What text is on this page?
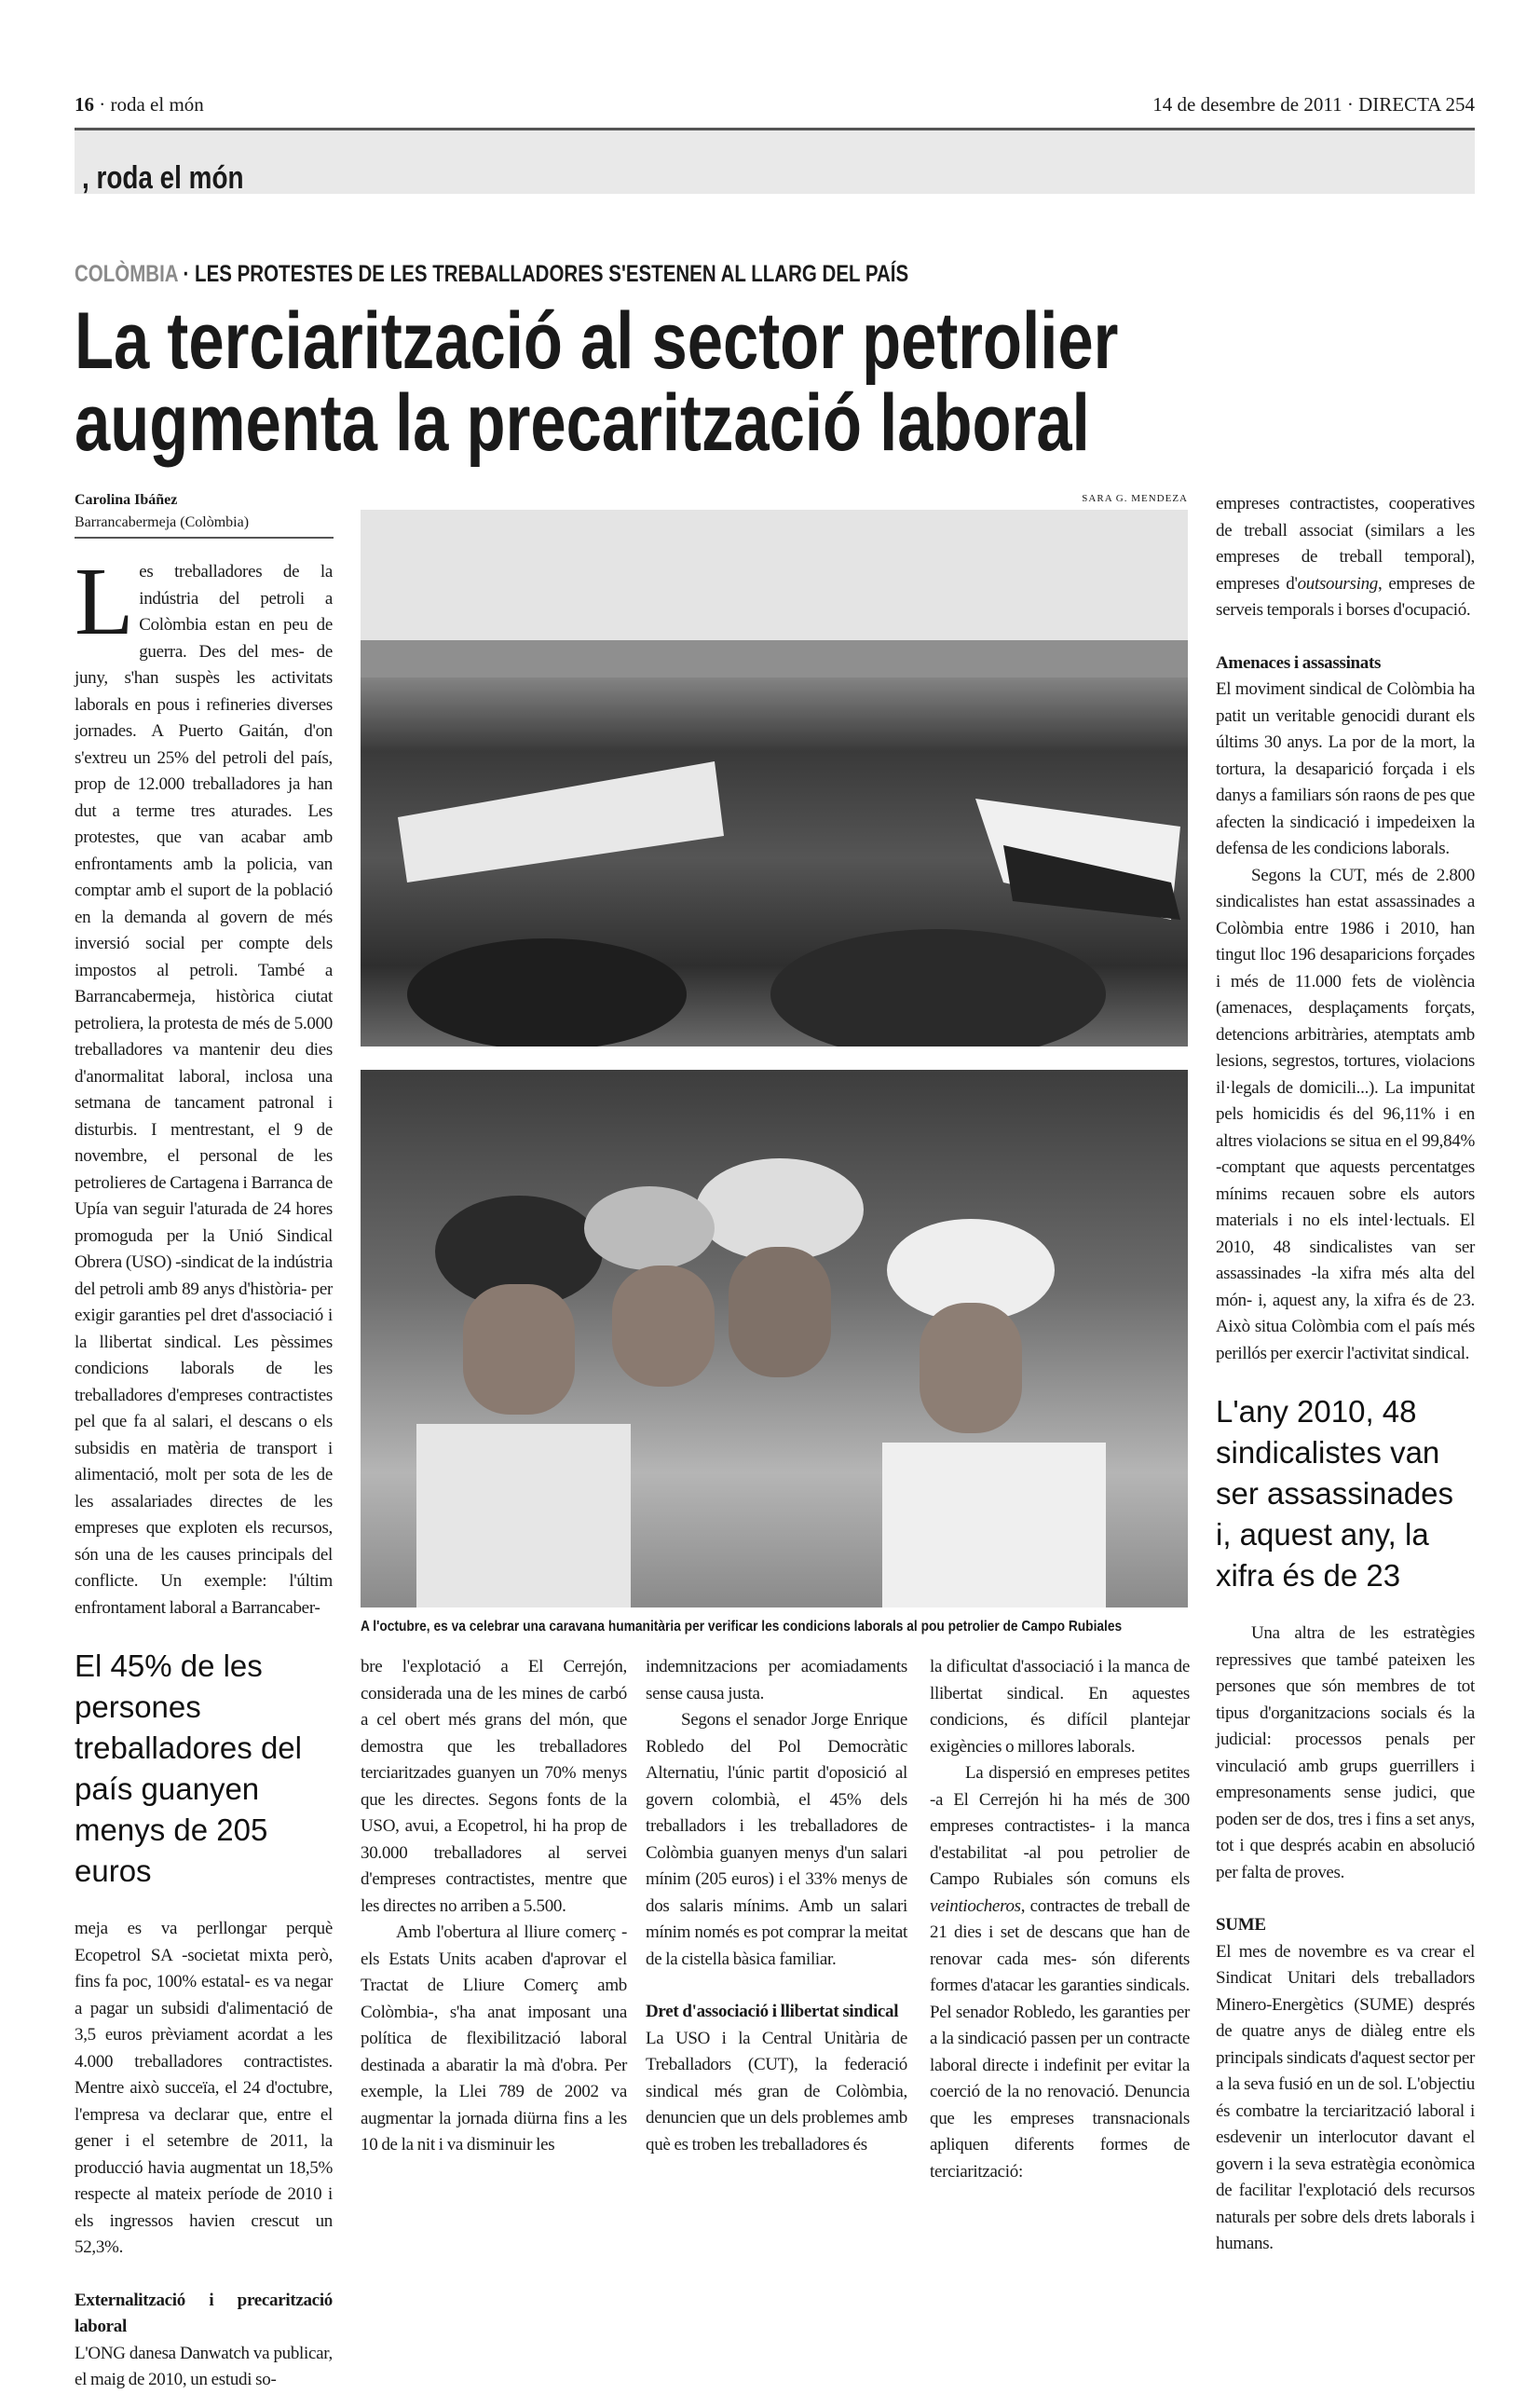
16 · roda el món	14 de desembre de 2011 · DIRECTA 254
, roda el món
COLÒMBIA · LES PROTESTES DE LES TREBALLADORES S'ESTENEN AL LLARG DEL PAÍS
La terciarització al sector petrolier
augmenta la precarització laboral
Carolina Ibáñez
Barrancabermeja (Colòmbia)

Les treballadores de la indústria del petroli a Colòmbia estan en peu de guerra. Des del mes- de juny, s'han suspès les activitats laborals en pous i refineries diverses jornades. A Puerto Gaitán, d'on s'extreu un 25% del petroli del país, prop de 12.000 treballadores ja han dut a terme tres aturades. Les protestes, que van acabar amb enfrontaments amb la policia, van comptar amb el suport de la població en la demanda al govern de més inversió social per compte dels impostos al petroli. També a Barrancabermeja, històrica ciutat petroliera, la protesta de més de 5.000 treballadores va mantenir deu dies d'anormalitat laboral, inclosa una setmana de tancament patronal i disturbis. I mentrestant, el 9 de novembre, el personal de les petrolieres de Cartagena i Barranca de Upía van seguir l'aturada de 24 hores promoguda per la Unió Sindical Obrera (USO) -sindicat de la indústria del petroli amb 89 anys d'història- per exigir garanties pel dret d'associació i la llibertat sindical. Les pèssimes condicions laborals de les treballadores d'empreses contractistes pel que fa al salari, el descans o els subsidis en matèria de transport i alimentació, molt per sota de les de les assalariades directes de les empreses que exploten els recursos, són una de les causes principals del conflicte. Un exemple: l'últim enfrontament laboral a Barrancaber-

El 45% de les persones treballadores del país guanyen menys de 205 euros

meja es va perllongar perquè Ecopetrol SA -societat mixta però, fins fa poc, 100% estatal- es va negar a pagar un subsidi d'alimentació de 3,5 euros prèviament acordat a les 4.000 treballadores contractistes. Mentre això succeïa, el 24 d'octubre, l'empresa va declarar que, entre el gener i el setembre de 2011, la producció havia augmentat un 18,5% respecte al mateix període de 2010 i els ingressos havien crescut un 52,3%.

Externalització i precarització laboral

L'ONG danesa Danwatch va publicar, el maig de 2010, un estudi so-

SARA G. MENDEZA
A l'octubre, es va celebrar una caravana humanitària per verificar les condicions laborals al pou petrolier de Campo Rubiales

bre l'explotació a El Cerrejón, considerada una de les mines de carbó a cel obert més grans del món, que demostra que les treballadores terciaritzades guanyen un 70% menys que les directes. Segons fonts de la USO, avui, a Ecopetrol, hi ha prop de 30.000 treballadores al servei d'empreses contractistes, mentre que les directes no arriben a 5.500.

Amb l'obertura al lliure comerç -els Estats Units acaben d'aprovar el Tractat de Lliure Comerç amb Colòmbia-, s'ha anat imposant una política de flexibilització laboral destinada a abaratir la mà d'obra. Per exemple, la Llei 789 de 2002 va augmentar la jornada diürna fins a les 10 de la nit i va disminuir les

indemnitzacions per acomiadaments sense causa justa.

Segons el senador Jorge Enrique Robledo del Pol Democràtic Alternatiu, l'únic partit d'oposició al govern colombià, el 45% dels treballadors i les treballadores de Colòmbia guanyen menys d'un salari mínim (205 euros) i el 33% menys de dos salaris mínims. Amb un salari mínim només es pot comprar la meitat de la cistella bàsica familiar.

Dret d'associació i llibertat sindical

La USO i la Central Unitària de Treballadors (CUT), la federació sindical més gran de Colòmbia, denuncien que un dels problemes amb què es troben les treballadores és

la dificultat d'associació i la manca de llibertat sindical. En aquestes condicions, és difícil plantejar exigències o millores laborals.

La dispersió en empreses petites -a El Cerrejón hi ha més de 300 empreses contractistes- i la manca d'estabilitat -al pou petrolier de Campo Rubiales són comuns els veintiocheros, contractes de treball de 21 dies i set de descans que han de renovar cada mes- són diferents formes d'atacar les garanties sindicals. Pel senador Robledo, les garanties per a la sindicació passen per un contracte laboral directe i indefinit per evitar la coerció de la no renovació. Denuncia que les empreses transnacionals apliquen diferents formes de terciarització:

empreses contractistes, cooperatives de treball associat (similars a les empreses de treball temporal), empreses d'outsoursing, empreses de serveis temporals i borses d'ocupació.

Amenaces i assassinats

El moviment sindical de Colòmbia ha patit un veritable genocidi durant els últims 30 anys. La por de la mort, la tortura, la desaparició forçada i els danys a familiars són raons de pes que afecten la sindicació i impedeixen la defensa de les condicions laborals.

Segons la CUT, més de 2.800 sindicalistes han estat assassinades a Colòmbia entre 1986 i 2010, han tingut lloc 196 desaparicions forçades i més de 11.000 fets de violència (amenaces, desplaçaments forçats, detencions arbitràries, atemptats amb lesions, segrestos, tortures, violacions il·legals de domicili...). La impunitat pels homicidis és del 96,11% i en altres violacions se situa en el 99,84% -comptant que aquests percentatges mínims recauen sobre els autors materials i no els intel·lectuals. El 2010, 48 sindicalistes van ser assassinades -la xifra més alta del món- i, aquest any, la xifra és de 23. Això situa Colòmbia com el país més perillós per exercir l'activitat sindical.

L'any 2010, 48 sindicalistes van ser assassinades i, aquest any, la xifra és de 23

Una altra de les estratègies repressives que també pateixen les persones que són membres de tot tipus d'organitzacions socials és la judicial: processos penals per vinculació amb grups guerrillers i empresonaments sense judici, que poden ser de dos, tres i fins a set anys, tot i que després acabin en absolució per falta de proves.

SUME

El mes de novembre es va crear el Sindicat Unitari dels treballadors Minero-Energètics (SUME) després de quatre anys de diàleg entre els principals sindicats d'aquest sector per a la seva fusió en un de sol. L'objectiu és combatre la terciarització laboral i esdevenir un interlocutor davant el govern i la seva estratègia econòmica de facilitar l'explotació dels recursos naturals per sobre dels drets laborals i humans.
